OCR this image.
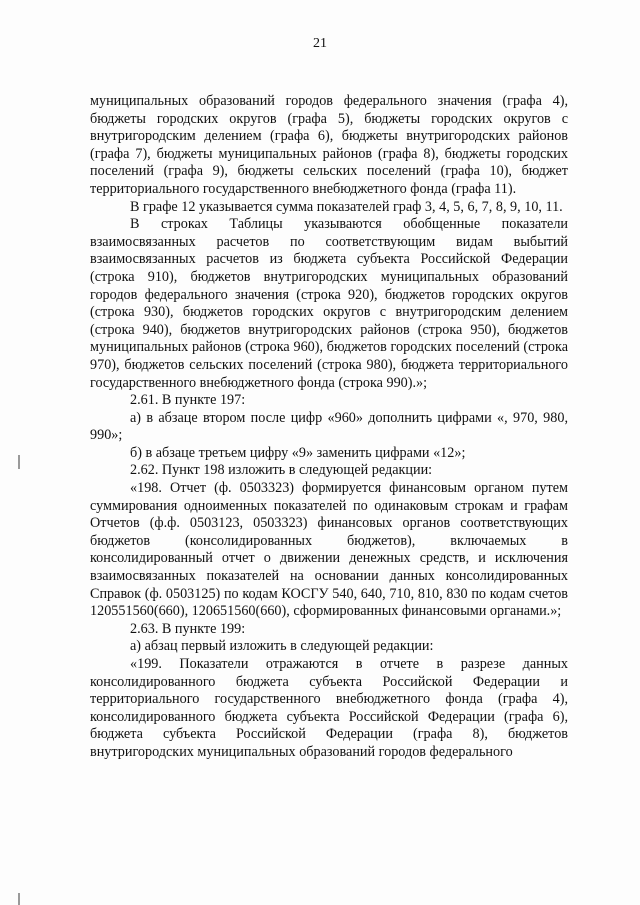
21

муниципальных образований городов федерального значения (графа 4), бюджеты городских округов (графа 5), бюджеты городских округов с внутригородским делением (графа 6), бюджеты внутригородских районов (графа 7), бюджеты муниципальных районов (графа 8), бюджеты городских поселений (графа 9), бюджеты сельских поселений (графа 10), бюджет территориального государственного внебюджетного фонда (графа 11).

В графе 12 указывается сумма показателей граф 3, 4, 5, 6, 7, 8, 9, 10, 11.

В строках Таблицы указываются обобщенные показатели взаимосвязанных расчетов по соответствующим видам выбытий взаимосвязанных расчетов из бюджета субъекта Российской Федерации (строка 910), бюджетов внутригородских муниципальных образований городов федерального значения (строка 920), бюджетов городских округов (строка 930), бюджетов городских округов с внутригородским делением (строка 940), бюджетов внутригородских районов (строка 950), бюджетов муниципальных районов (строка 960), бюджетов городских поселений (строка 970), бюджетов сельских поселений (строка 980), бюджета территориального государственного внебюджетного фонда (строка 990).»;

2.61. В пункте 197:

а) в абзаце втором после цифр «960» дополнить цифрами «, 970, 980, 990»;

б) в абзаце третьем цифру «9» заменить цифрами «12»;

2.62. Пункт 198 изложить в следующей редакции:

«198. Отчет (ф. 0503323) формируется финансовым органом путем суммирования одноименных показателей по одинаковым строкам и графам Отчетов (ф.ф. 0503123, 0503323) финансовых органов соответствующих бюджетов (консолидированных бюджетов), включаемых в консолидированный отчет о движении денежных средств, и исключения взаимосвязанных показателей на основании данных консолидированных Справок (ф. 0503125) по кодам КОСГУ 540, 640, 710, 810, 830 по кодам счетов 120551560(660), 120651560(660), сформированных финансовыми органами.»;

2.63. В пункте 199:

а) абзац первый изложить в следующей редакции:

«199. Показатели отражаются в отчете в разрезе данных консолидированного бюджета субъекта Российской Федерации и территориального государственного внебюджетного фонда (графа 4), консолидированного бюджета субъекта Российской Федерации (графа 6), бюджета субъекта Российской Федерации (графа 8), бюджетов внутригородских муниципальных образований городов федерального
